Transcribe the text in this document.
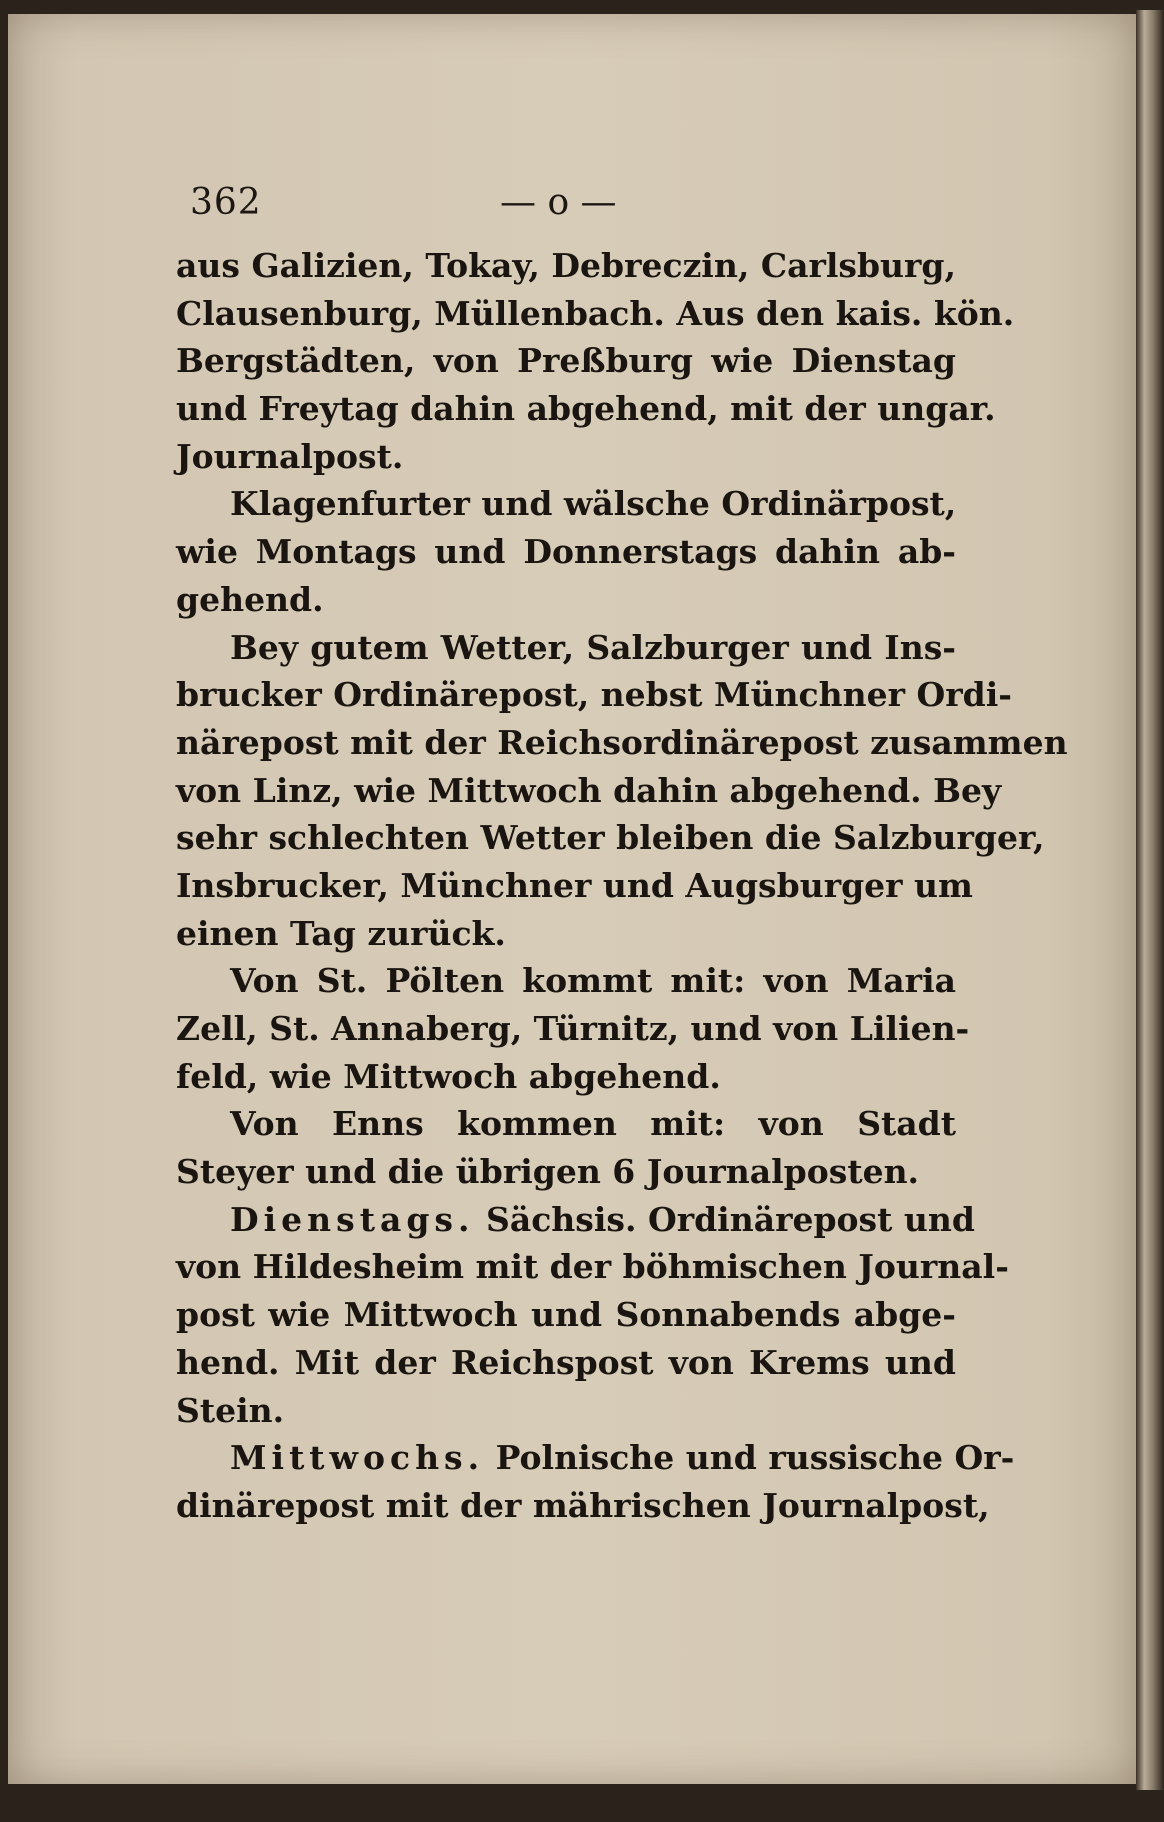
362	— o —
aus Galizien, Tokay, Debreczin, Carlsburg,
Clausenburg, Müllenbach. Aus den kais. kön.
Bergstädten, von Preßburg wie Dienstag
und Freytag dahin abgehend, mit der ungar.
Journalpost.
Klagenfurter und wälsche Ordinärpost,
wie Montags und Donnerstags dahin ab-
gehend.
Bey gutem Wetter, Salzburger und Ins-
brucker Ordinärepost, nebst Münchner Ordi-
närepost mit der Reichsordinärepost zusammen
von Linz, wie Mittwoch dahin abgehend. Bey
sehr schlechten Wetter bleiben die Salzburger,
Insbrucker, Münchner und Augsburger um
einen Tag zurück.
Von St. Pölten kommt mit: von Maria
Zell, St. Annaberg, Türnitz, und von Lilien-
feld, wie Mittwoch abgehend.
Von Enns kommen mit: von Stadt
Steyer und die übrigen 6 Journalposten.
Dienstags. Sächsis. Ordinärepost und
von Hildesheim mit der böhmischen Journal-
post wie Mittwoch und Sonnabends abge-
hend. Mit der Reichspost von Krems und
Stein.
Mittwochs. Polnische und russische Or-
dinärepost mit der mährischen Journalpost,
